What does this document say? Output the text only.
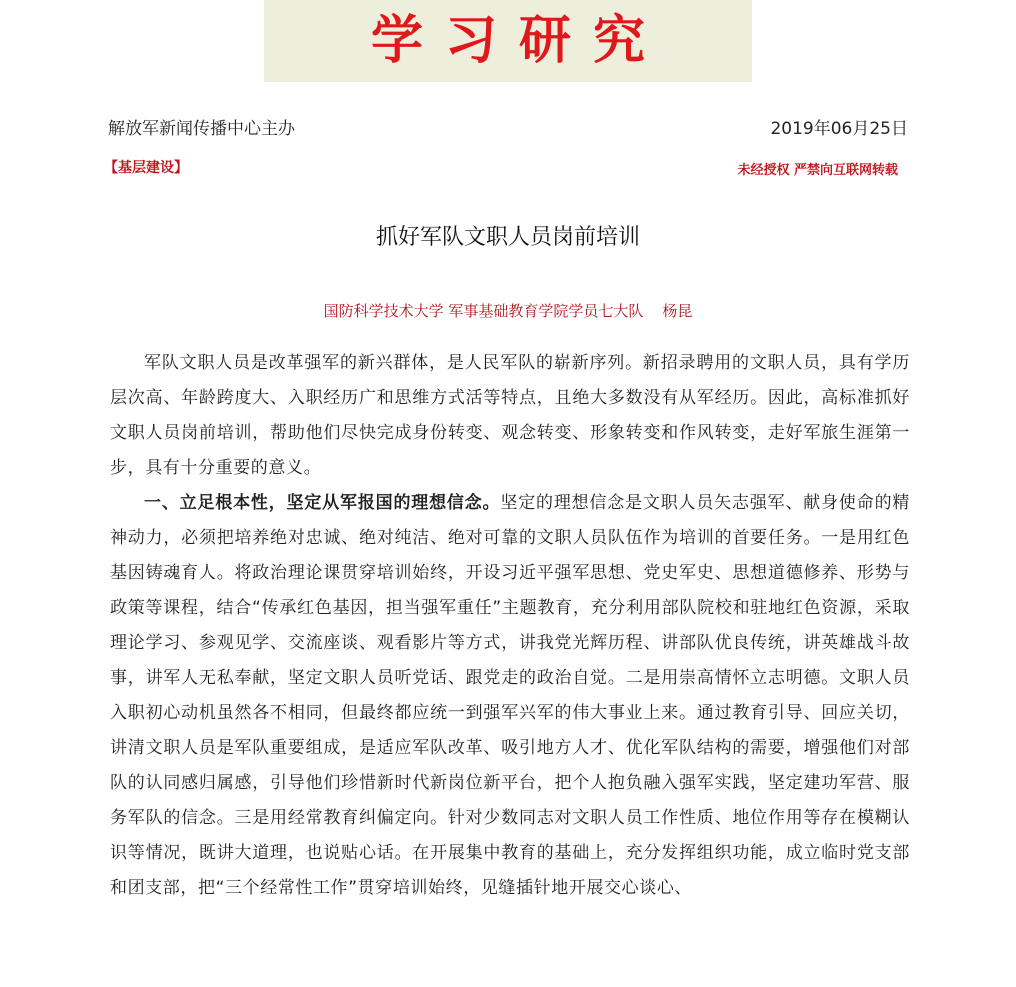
学习研究
解放军新闻传播中心主办	2019年06月25日
【基层建设】	未经授权 严禁向互联网转载
抓好军队文职人员岗前培训
国防科学技术大学 军事基础教育学院学员七大队    杨昆

军队文职人员是改革强军的新兴群体，是人民军队的崭新序列。新招录聘用的文职人员，具有学历层次高、年龄跨度大、入职经历广和思维方式活等特点，且绝大多数没有从军经历。因此，高标准抓好文职人员岗前培训，帮助他们尽快完成身份转变、观念转变、形象转变和作风转变，走好军旅生涯第一步，具有十分重要的意义。

一、立足根本性，坚定从军报国的理想信念。坚定的理想信念是文职人员矢志强军、献身使命的精神动力，必须把培养绝对忠诚、绝对纯洁、绝对可靠的文职人员队伍作为培训的首要任务。一是用红色基因铸魂育人。将政治理论课贯穿培训始终，开设习近平强军思想、党史军史、思想道德修养、形势与政策等课程，结合“传承红色基因，担当强军重任”主题教育，充分利用部队院校和驻地红色资源，采取理论学习、参观见学、交流座谈、观看影片等方式，讲我党光辉历程、讲部队优良传统，讲英雄战斗故事，讲军人无私奉献，坚定文职人员听党话、跟党走的政治自觉。二是用崇高情怀立志明德。文职人员入职初心动机虽然各不相同，但最终都应统一到强军兴军的伟大事业上来。通过教育引导、回应关切，讲清文职人员是军队重要组成，是适应军队改革、吸引地方人才、优化军队结构的需要，增强他们对部队的认同感归属感，引导他们珍惜新时代新岗位新平台，把个人抱负融入强军实践，坚定建功军营、服务军队的信念。三是用经常教育纠偏定向。针对少数同志对文职人员工作性质、地位作用等存在模糊认识等情况，既讲大道理，也说贴心话。在开展集中教育的基础上，充分发挥组织功能，成立临时党支部和团支部，把“三个经常性工作”贯穿培训始终，见缝插针地开展交心谈心、
